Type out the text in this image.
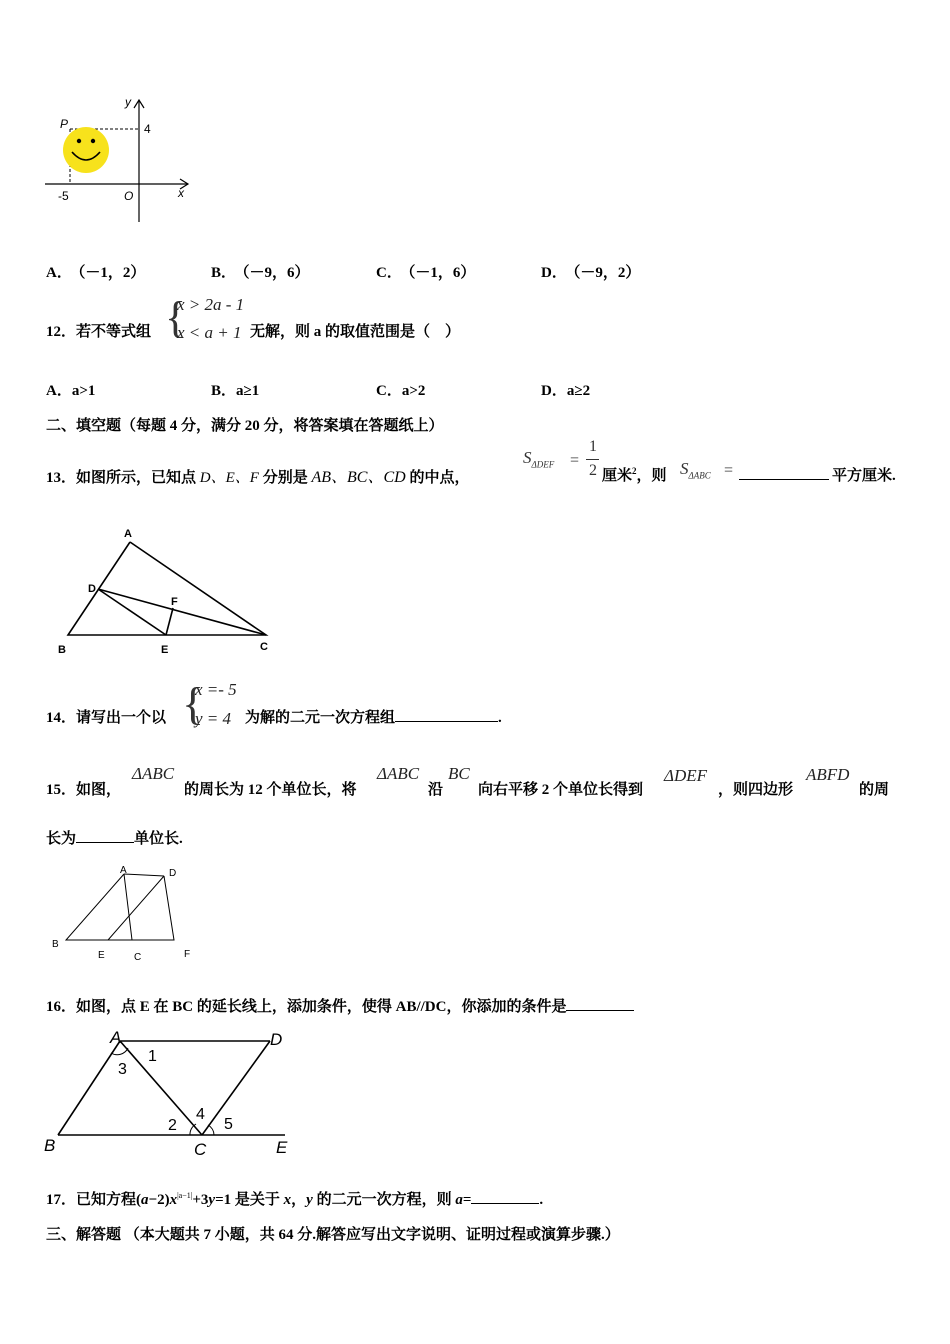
P
y
4
-5	O	x
A． （－1，2）	B． （－9，6）	C． （－1，6）	D． （－9，2）
12．若不等式组 {
x > 2a - 1
x < a + 1 无解，则 a 的取值范围是（　）
A．a>1	B．a≥1	C．a>2	D．a≥2
二、填空题（每题 4 分，满分 20 分，将答案填在答题纸上）
13．如图所示，已知点 D、E、F 分别是 AB、BC、CD 的中点，
$S_{\Delta DEF}$ =
1
2 厘米$^2$，则 $S_{\Delta ABC}$ =	平方厘米.
A
D
F
B	E	C
14．请写出一个以 {
x =- 5
y = 4 为解的二元一次方程组	.
15．如图，
ΔABC
的周长为 12 个单位长，将
ΔABC
沿
BC
向右平移 2 个单位长得到
ΔDEF
，则四边形
ABFD
的周
长为	单位长.
A	D
B
E	C	F
16．如图，点 E 在 BC 的延长线上，添加条件，使得 AB//DC，你添加的条件是
A	D
B	C	E
1
3
2
4
5
17．已知方程$(a-2)x^{|a-1|}+3y=1$ 是关于 x，y 的二元一次方程，则 a=	.
三、解答题 （本大题共 7 小题，共 64 分.解答应写出文字说明、证明过程或演算步骤.）
